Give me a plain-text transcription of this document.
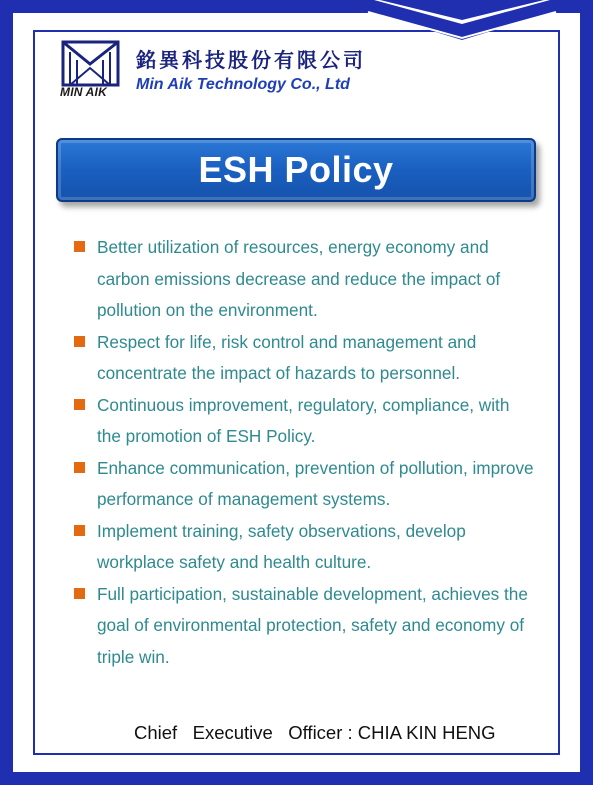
MIN AIK
銘異科技股份有限公司
Min Aik Technology Co., Ltd
ESH Policy
Better utilization of resources, energy economy and carbon emissions decrease and reduce the impact of pollution on the environment.
Respect for life, risk control and management and concentrate the impact of hazards to personnel.
Continuous improvement, regulatory, compliance, with the promotion of ESH Policy.
Enhance communication, prevention of pollution, improve performance of management systems.
Implement training, safety observations, develop workplace safety and health culture.
Full participation, sustainable development, achieves the goal of environmental protection, safety and economy of triple win.
Chief   Executive   Officer : CHIA KIN HENG
